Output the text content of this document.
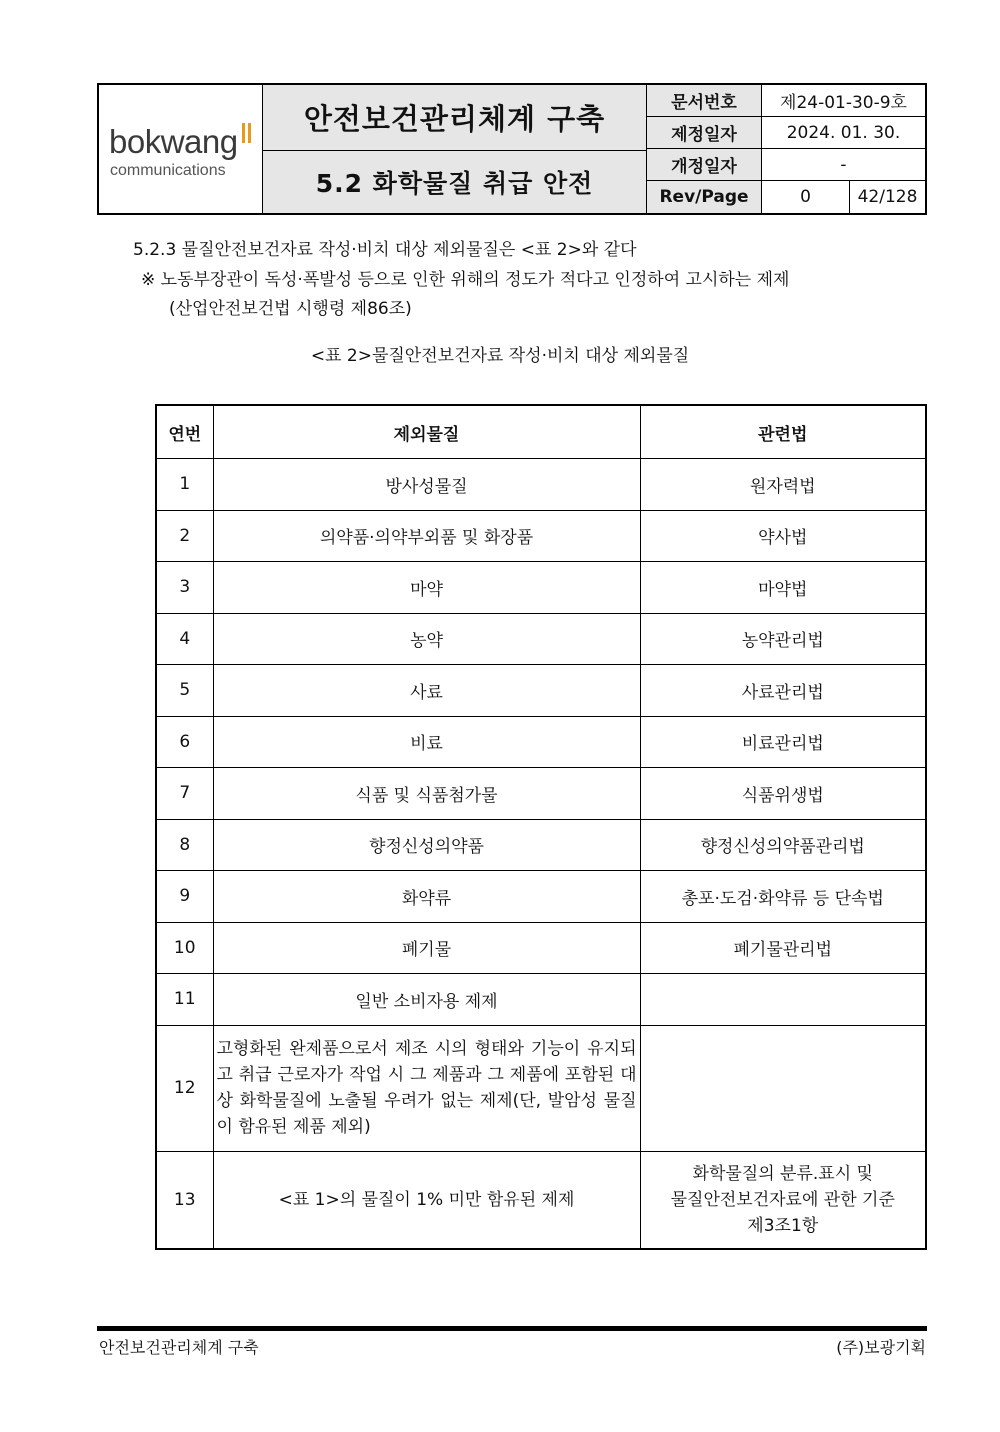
bokwang
communications
안전보건관리체계 구축
5.2 화학물질 취급 안전
문서번호	제24-01-30-9호
제정일자	2024. 01. 30.
개정일자	-
Rev/Page	0	42/128
5.2.3 물질안전보건자료 작성·비치 대상 제외물질은 <표 2>와 같다
※ 노동부장관이 독성·폭발성 등으로 인한 위해의 정도가 적다고 인정하여 고시하는 제제
(산업안전보건법 시행령 제86조)
<표 2>물질안전보건자료 작성·비치 대상 제외물질
연번	제외물질	관련법
1	방사성물질	원자력법
2	의약품·의약부외품 및 화장품	약사법
3	마약	마약법
4	농약	농약관리법
5	사료	사료관리법
6	비료	비료관리법
7	식품 및 식품첨가물	식품위생법
8	향정신성의약품	향정신성의약품관리법
9	화약류	총포·도검·화약류 등 단속법
10	폐기물	폐기물관리법
11	일반 소비자용 제제	
12	고형화된 완제품으로서 제조 시의 형태와 기능이 유지되고 취급 근로자가 작업 시 그 제품과 그 제품에 포함된 대상 화학물질에 노출될 우려가 없는 제제(단, 발암성 물질이 함유된 제품 제외)	
13	<표 1>의 물질이 1% 미만 함유된 제제	화학물질의 분류.표시 및
물질안전보건자료에 관한 기준
제3조1항
안전보건관리체계 구축	(주)보광기획
